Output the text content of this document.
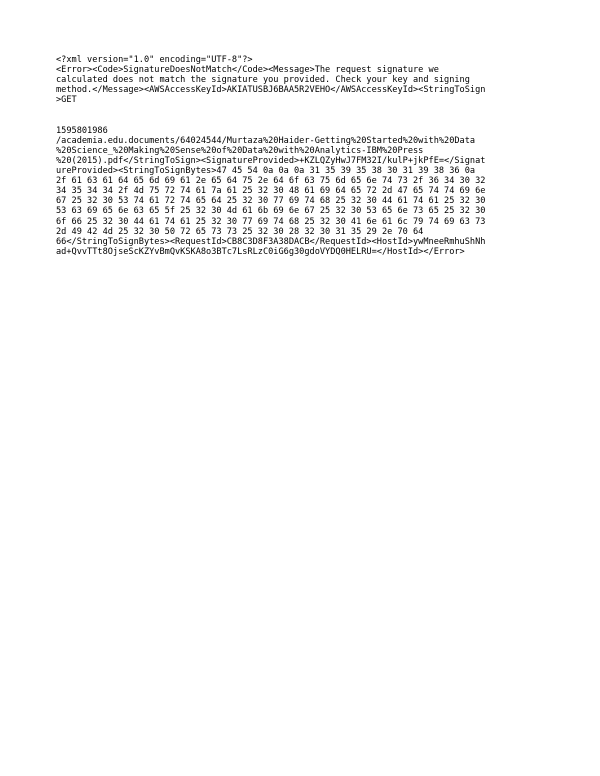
<?xml version="1.0" encoding="UTF-8"?>
<Error><Code>SignatureDoesNotMatch</Code><Message>The request signature we
calculated does not match the signature you provided. Check your key and signing
method.</Message><AWSAccessKeyId>AKIATUSBJ6BAA5R2VEHO</AWSAccessKeyId><StringToSign
>GET
1595801986
/academia.edu.documents/64024544/Murtaza%20Haider-Getting%20Started%20with%20Data
%20Science_%20Making%20Sense%20of%20Data%20with%20Analytics-IBM%20Press
%20(2015).pdf</StringToSign><SignatureProvided>+KZLQZyHwJ7FM32I/kulP+jkPfE=</Signat
ureProvided><StringToSignBytes>47 45 54 0a 0a 0a 31 35 39 35 38 30 31 39 38 36 0a
2f 61 63 61 64 65 6d 69 61 2e 65 64 75 2e 64 6f 63 75 6d 65 6e 74 73 2f 36 34 30 32
34 35 34 34 2f 4d 75 72 74 61 7a 61 25 32 30 48 61 69 64 65 72 2d 47 65 74 74 69 6e
67 25 32 30 53 74 61 72 74 65 64 25 32 30 77 69 74 68 25 32 30 44 61 74 61 25 32 30
53 63 69 65 6e 63 65 5f 25 32 30 4d 61 6b 69 6e 67 25 32 30 53 65 6e 73 65 25 32 30
6f 66 25 32 30 44 61 74 61 25 32 30 77 69 74 68 25 32 30 41 6e 61 6c 79 74 69 63 73
2d 49 42 4d 25 32 30 50 72 65 73 73 25 32 30 28 32 30 31 35 29 2e 70 64
66</StringToSignBytes><RequestId>CB8C3D8F3A38DACB</RequestId><HostId>ywMneeRmhuShNh
ad+QvvTTt8OjseScKZYvBmQvKSKA8o3BTc7LsRLzC0iG6g30gdoVYDQ0HELRU=</HostId></Error>
